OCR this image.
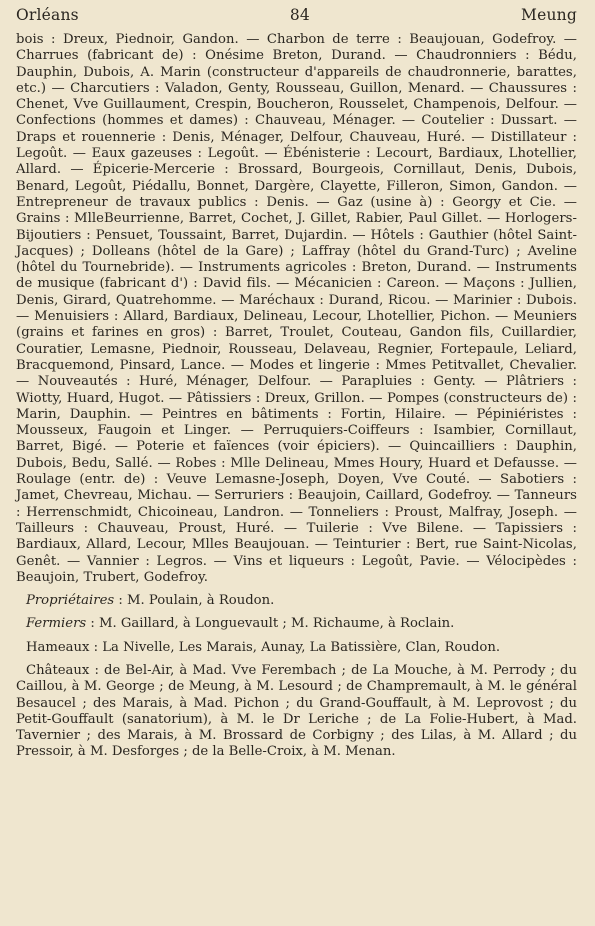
Orléans	84	Meung

bois : Dreux, Piednoir, Gandon. — Charbon de terre : Beaujouan, Godefroy. — Charrues (fabricant de) : Onésime Breton, Durand. — Chaudronniers : Bédu, Dauphin, Dubois, A. Marin (constructeur d'appareils de chaudronnerie, barattes, etc.) — Charcutiers : Valadon, Genty, Rousseau, Guillon, Menard. — Chaussures : Chenet, Vve Guillaument, Crespin, Boucheron, Rousselet, Champenois, Delfour. — Confections (hommes et dames) : Chauveau, Ménager. — Coutelier : Dussart. — Draps et rouennerie : Denis, Ménager, Delfour, Chauveau, Huré. — Distillateur : Legoût. — Eaux gazeuses : Legoût. — Ébénisterie : Lecourt, Bardiaux, Lhotellier, Allard. — Épicerie-Mercerie : Brossard, Bourgeois, Cornillaut, Denis, Dubois, Benard, Legoût, Piédallu, Bonnet, Dargère, Clayette, Filleron, Simon, Gandon. — Entrepreneur de travaux publics : Denis. — Gaz (usine à) : Georgy et Cie. — Grains : MlleBeurrienne, Barret, Cochet, J. Gillet, Rabier, Paul Gillet. — Horlogers-Bijoutiers : Pensuet, Toussaint, Barret, Dujardin. — Hôtels : Gauthier (hôtel Saint-Jacques) ; Dolleans (hôtel de la Gare) ; Laffray (hôtel du Grand-Turc) ; Aveline (hôtel du Tournebride). — Instruments agricoles : Breton, Durand. — Instruments de musique (fabricant d') : David fils. — Mécanicien : Careon. — Maçons : Jullien, Denis, Girard, Quatrehomme. — Maréchaux : Durand, Ricou. — Marinier : Dubois. — Menuisiers : Allard, Bardiaux, Delineau, Lecour, Lhotellier, Pichon. — Meuniers (grains et farines en gros) : Barret, Troulet, Couteau, Gandon fils, Cuillardier, Couratier, Lemasne, Piednoir, Rousseau, Delaveau, Regnier, Fortepaule, Leliard, Bracquemond, Pinsard, Lance. — Modes et lingerie : Mmes Petitvallet, Chevalier. — Nouveautés : Huré, Ménager, Delfour. — Parapluies : Genty. — Plâtriers : Wiotty, Huard, Hugot. — Pâtissiers : Dreux, Grillon. — Pompes (constructeurs de) : Marin, Dauphin. — Peintres en bâtiments : Fortin, Hilaire. — Pépiniéristes : Mousseux, Faugoin et Linger. — Perruquiers-Coiffeurs : Isambier, Cornillaut, Barret, Bigé. — Poterie et faïences (voir épiciers). — Quincailliers : Dauphin, Dubois, Bedu, Sallé. — Robes : Mlle Delineau, Mmes Houry, Huard et Defausse. — Roulage (entr. de) : Veuve Lemasne-Joseph, Doyen, Vve Couté. — Sabotiers : Jamet, Chevreau, Michau. — Serruriers : Beaujoin, Caillard, Godefroy. — Tanneurs : Herrenschmidt, Chicoineau, Landron. — Tonneliers : Proust, Malfray, Joseph. — Tailleurs : Chauveau, Proust, Huré. — Tuilerie : Vve Bilene. — Tapissiers : Bardiaux, Allard, Lecour, Mlles Beaujouan. — Teinturier : Bert, rue Saint-Nicolas, Genêt. — Vannier : Legros. — Vins et liqueurs : Legoût, Pavie. — Vélocipèdes : Beaujoin, Trubert, Godefroy.

Propriétaires : M. Poulain, à Roudon.

Fermiers : M. Gaillard, à Longuevault ; M. Richaume, à Roclain.

Hameaux : La Nivelle, Les Marais, Aunay, La Batissière, Clan, Roudon.

Châteaux : de Bel-Air, à Mad. Vve Ferembach ; de La Mouche, à M. Perrody ; du Caillou, à M. George ; de Meung, à M. Lesourd ; de Champremault, à M. le général Besaucel ; des Marais, à Mad. Pichon ; du Grand-Gouffault, à M. Leprovost ; du Petit-Gouffault (sanatorium), à M. le Dr Leriche ; de La Folie-Hubert, à Mad. Tavernier ; des Marais, à M. Brossard de Corbigny ; des Lilas, à M. Allard ; du Pressoir, à M. Desforges ; de la Belle-Croix, à M. Menan.
